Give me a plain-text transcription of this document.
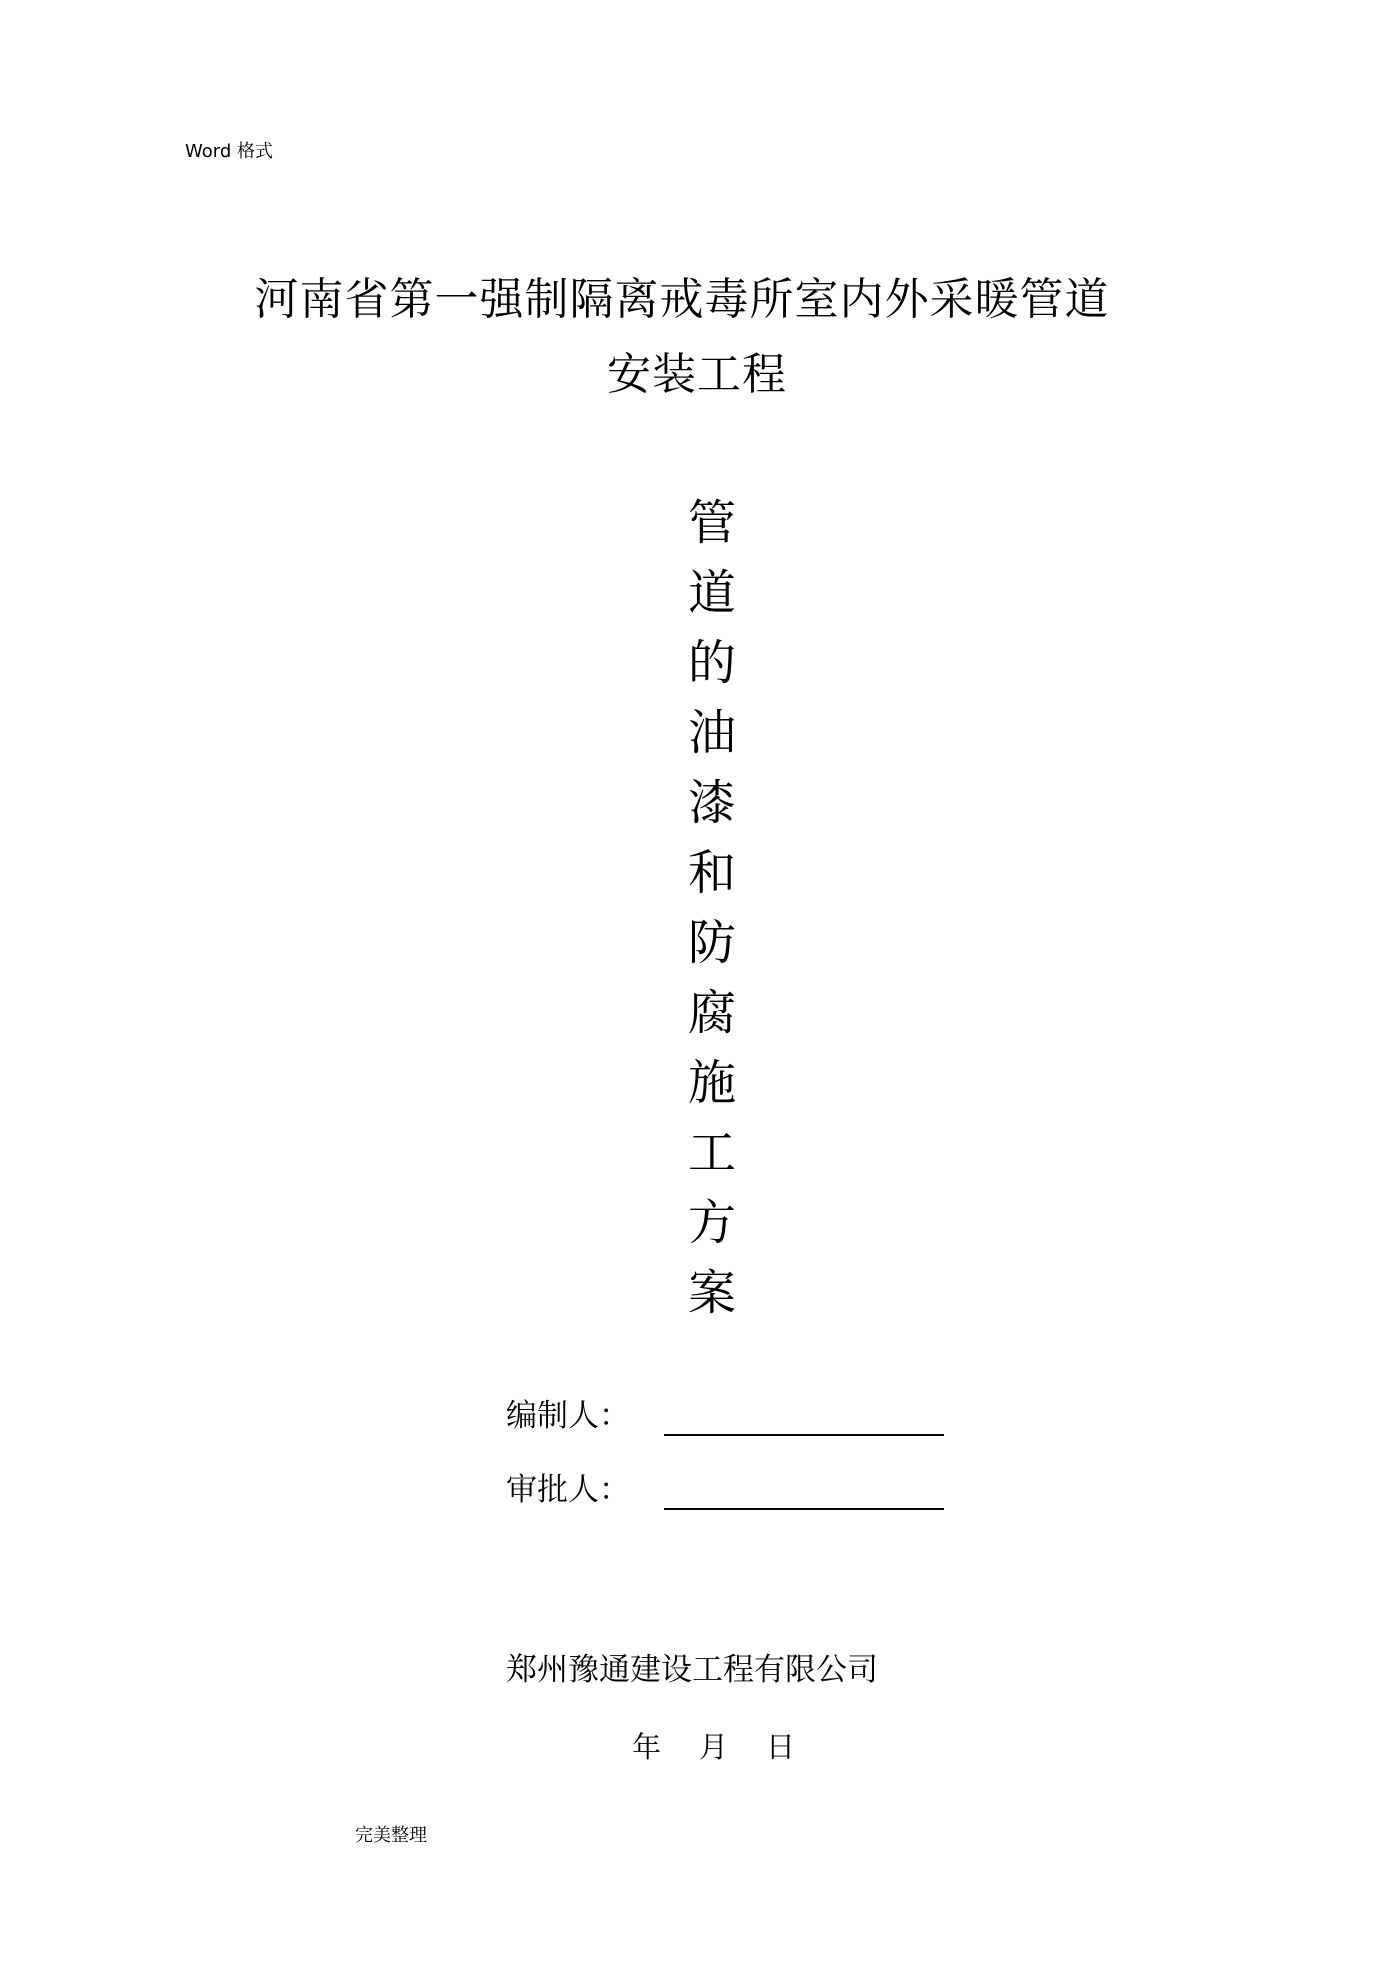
Word 格式
河南省第一强制隔离戒毒所室内外采暖管道
安装工程
管
道
的
油
漆
和
防
腐
施
工
方
案
编制人：
审批人：
郑州豫通建设工程有限公司
年 月 日
完美整理
